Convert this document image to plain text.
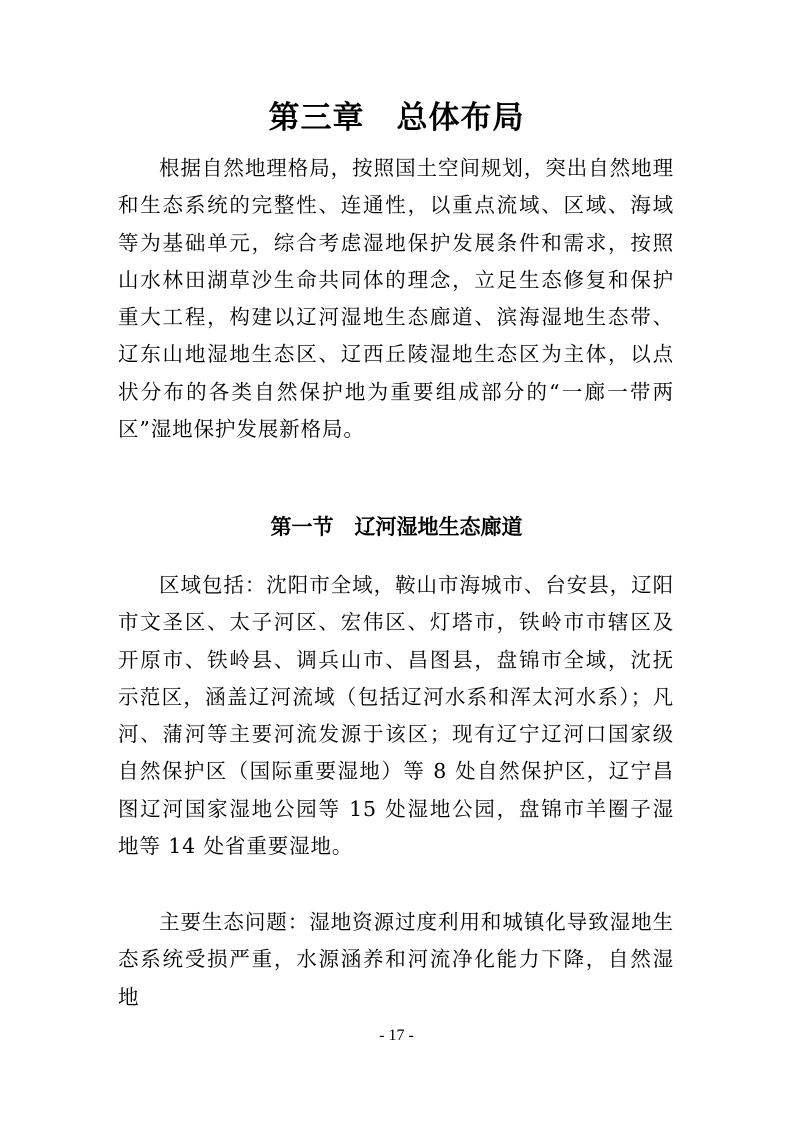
第三章　总体布局

根据自然地理格局，按照国土空间规划，突出自然地理和生态系统的完整性、连通性，以重点流域、区域、海域等为基础单元，综合考虑湿地保护发展条件和需求，按照山水林田湖草沙生命共同体的理念，立足生态修复和保护重大工程，构建以辽河湿地生态廊道、滨海湿地生态带、辽东山地湿地生态区、辽西丘陵湿地生态区为主体，以点状分布的各类自然保护地为重要组成部分的“一廊一带两区”湿地保护发展新格局。

第一节　辽河湿地生态廊道

区域包括：沈阳市全域，鞍山市海城市、台安县，辽阳市文圣区、太子河区、宏伟区、灯塔市，铁岭市市辖区及开原市、铁岭县、调兵山市、昌图县，盘锦市全域，沈抚示范区，涵盖辽河流域（包括辽河水系和浑太河水系）；凡河、蒲河等主要河流发源于该区；现有辽宁辽河口国家级自然保护区（国际重要湿地）等 8 处自然保护区，辽宁昌图辽河国家湿地公园等 15 处湿地公园，盘锦市羊圈子湿地等 14 处省重要湿地。

主要生态问题：湿地资源过度利用和城镇化导致湿地生态系统受损严重，水源涵养和河流净化能力下降，自然湿地

- 17 -
